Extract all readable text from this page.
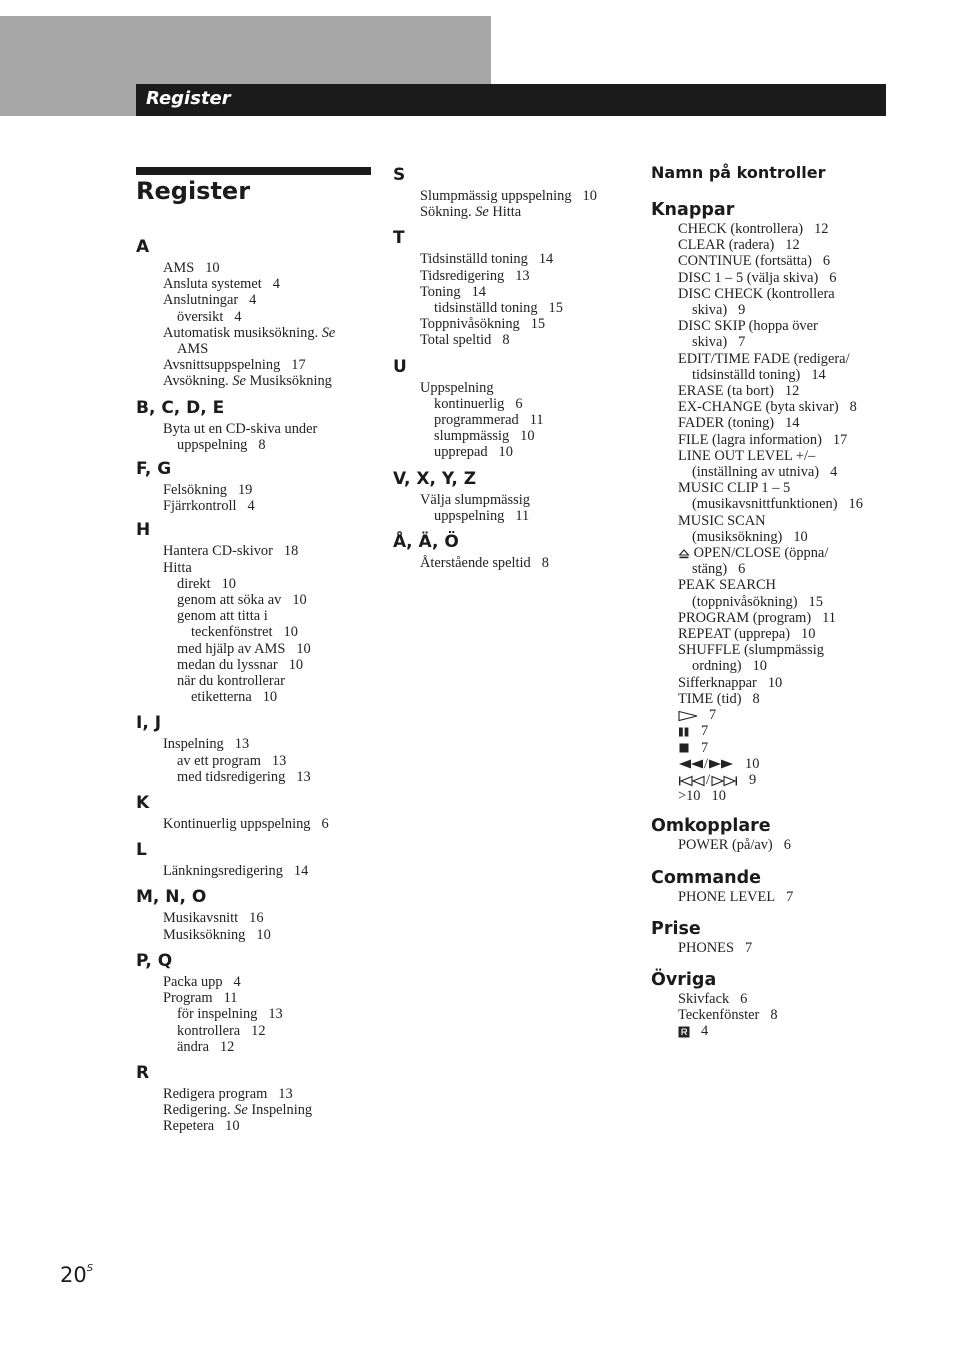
Register
Register
A
AMS 10
Ansluta systemet 4
Anslutningar 4
översikt 4
Automatisk musiksökning. Se
AMS
Avsnittsuppspelning 17
Avsökning. Se Musiksökning
B, C, D, E
Byta ut en CD-skiva under
uppspelning 8
F, G
Felsökning 19
Fjärrkontroll 4
H
Hantera CD-skivor 18
Hitta
direkt 10
genom att söka av 10
genom att titta i
teckenfönstret 10
med hjälp av AMS 10
medan du lyssnar 10
när du kontrollerar
etiketterna 10
I, J
Inspelning 13
av ett program 13
med tidsredigering 13
K
Kontinuerlig uppspelning 6
L
Länkningsredigering 14
M, N, O
Musikavsnitt 16
Musiksökning 10
P, Q
Packa upp 4
Program 11
för inspelning 13
kontrollera 12
ändra 12
R
Redigera program 13
Redigering. Se Inspelning
Repetera 10
S
Slumpmässig uppspelning 10
Sökning. Se Hitta
T
Tidsinställd toning 14
Tidsredigering 13
Toning 14
tidsinställd toning 15
Toppnivåsökning 15
Total speltid 8
U
Uppspelning
kontinuerlig 6
programmerad 11
slumpmässig 10
upprepad 10
V, X, Y, Z
Välja slumpmässig
uppspelning 11
Å, Ä, Ö
Återstående speltid 8
Namn på kontroller
Knappar
CHECK (kontrollera) 12
CLEAR (radera) 12
CONTINUE (fortsätta) 6
DISC 1 – 5 (välja skiva) 6
DISC CHECK (kontrollera
skiva) 9
DISC SKIP (hoppa över
skiva) 7
EDIT/TIME FADE (redigera/
tidsinställd toning) 14
ERASE (ta bort) 12
EX-CHANGE (byta skivar) 8
FADER (toning) 14
FILE (lagra information) 17
LINE OUT LEVEL +/–
(inställning av utniva) 4
MUSIC CLIP 1 – 5
(musikavsnittfunktionen) 16
MUSIC SCAN
(musiksökning) 10
OPEN/CLOSE (öppna/
stäng) 6
PEAK SEARCH
(toppnivåsökning) 15
PROGRAM (program) 11
REPEAT (upprepa) 10
SHUFFLE (slumpmässig
ordning) 10
Sifferknappar 10
TIME (tid) 8
7
7
7
/	10
/	9
>10 10
Omkopplare
POWER (på/av) 6
Commande
PHONE LEVEL 7
Prise
PHONES 7
Övriga
Skivfack 6
Teckenfönster 8
4
$20^S$
